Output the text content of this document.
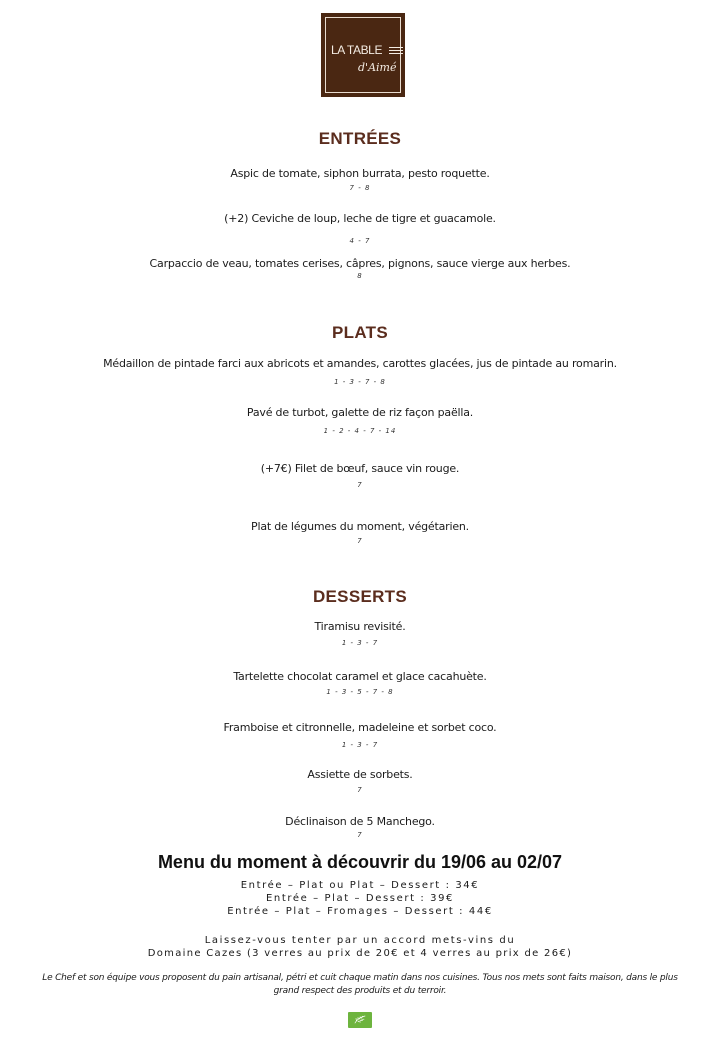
LA TABLE
d'Aimé
ENTRÉES
Aspic de tomate, siphon burrata, pesto roquette.
7 - 8
(+2) Ceviche de loup, leche de tigre et guacamole.
4 - 7
Carpaccio de veau, tomates cerises, câpres, pignons, sauce vierge aux herbes.
8
PLATS
Médaillon de pintade farci aux abricots et amandes, carottes glacées, jus de pintade au romarin.
1 - 3 - 7 - 8
Pavé de turbot, galette de riz façon paëlla.
1 - 2 - 4 - 7 - 14
(+7€) Filet de bœuf, sauce vin rouge.
7
Plat de légumes du moment, végétarien.
7
DESSERTS
Tiramisu revisité.
1 - 3 - 7
Tartelette chocolat caramel et glace cacahuète.
1 - 3 - 5 - 7 - 8
Framboise et citronnelle, madeleine et sorbet coco.
1 - 3 - 7
Assiette de sorbets.
7
Déclinaison de 5 Manchego.
7
Menu du moment à découvrir du 19/06 au 02/07
Entrée – Plat ou Plat – Dessert : 34€
Entrée – Plat – Dessert : 39€
Entrée – Plat – Fromages – Dessert : 44€
Laissez-vous tenter par un accord mets-vins du
Domaine Cazes (3 verres au prix de 20€ et 4 verres au prix de 26€)
Le Chef et son équipe vous proposent du pain artisanal, pétri et cuit chaque matin dans nos cuisines. Tous nos mets sont faits maison, dans le plus grand respect des produits et du terroir.
